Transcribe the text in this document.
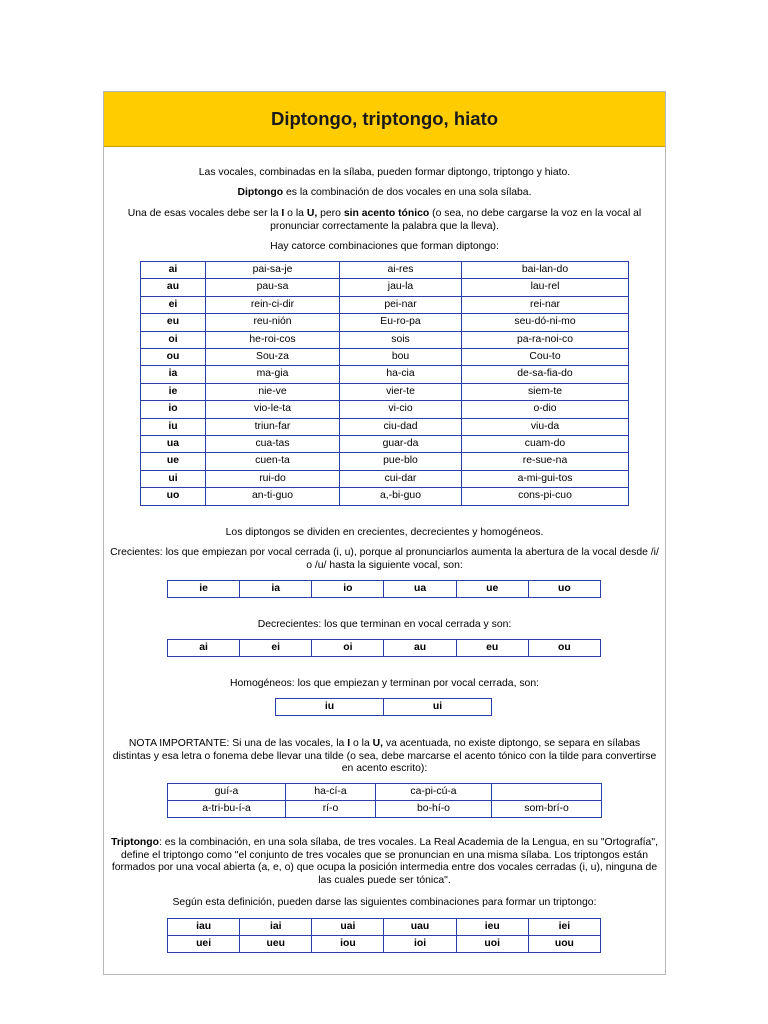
Diptongo, triptongo, hiato

Las vocales, combinadas en la sílaba, pueden formar diptongo, triptongo y hiato.

Diptongo es la combinación de dos vocales en una sola sílaba.

Una de esas vocales debe ser la I o la U, pero sin acento tónico (o sea, no debe cargarse la voz en la vocal al pronunciar correctamente la palabra que la lleva).

Hay catorce combinaciones que forman diptongo:

ai	pai-sa-je	ai-res	bai-lan-do
au	pau-sa	jau-la	lau-rel
ei	rein-ci-dir	pei-nar	rei-nar
eu	reu-nión	Eu-ro-pa	seu-dó-ni-mo
oi	he-roi-cos	sois	pa-ra-noi-co
ou	Sou-za	bou	Cou-to
ia	ma-gia	ha-cia	de-sa-fia-do
ie	nie-ve	vier-te	siem-te
io	vio-le-ta	vi-cio	o-dio
iu	triun-far	ciu-dad	viu-da
ua	cua-tas	guar-da	cuam-do
ue	cuen-ta	pue-blo	re-sue-na
ui	rui-do	cui-dar	a-mi-gui-tos
uo	an-ti-guo	a,-bi-guo	cons-pi-cuo

Los diptongos se dividen en crecientes, decrecientes y homogéneos.

Crecientes: los que empiezan por vocal cerrada (i, u), porque al pronunciarlos aumenta la abertura de la vocal desde /i/ o /u/ hasta la siguiente vocal, son:

ie	ia	io	ua	ue	uo

Decrecientes: los que terminan en vocal cerrada y son:

ai	ei	oi	au	eu	ou

Homogéneos: los que empiezan y terminan por vocal cerrada, son:

iu	ui

NOTA IMPORTANTE: Si una de las vocales, la I o la U, va acentuada, no existe diptongo, se separa en sílabas distintas y esa letra o fonema debe llevar una tilde (o sea, debe marcarse el acento tónico con la tilde para convertirse en acento escrito):

guí-a	ha-cí-a	ca-pi-cú-a	
a-tri-bu-í-a	rí-o	bo-hí-o	som-brí-o

Triptongo: es la combinación, en una sola sílaba, de tres vocales. La Real Academia de la Lengua, en su "Ortografía", define el triptongo como "el conjunto de tres vocales que se pronuncian en una misma sílaba. Los triptongos están formados por una vocal abierta (a, e, o) que ocupa la posición intermedia entre dos vocales cerradas (i, u), ninguna de las cuales puede ser tónica".

Según esta definición, pueden darse las siguientes combinaciones para formar un triptongo:

iau	iai	uai	uau	ieu	iei
uei	ueu	iou	ioi	uoi	uou
